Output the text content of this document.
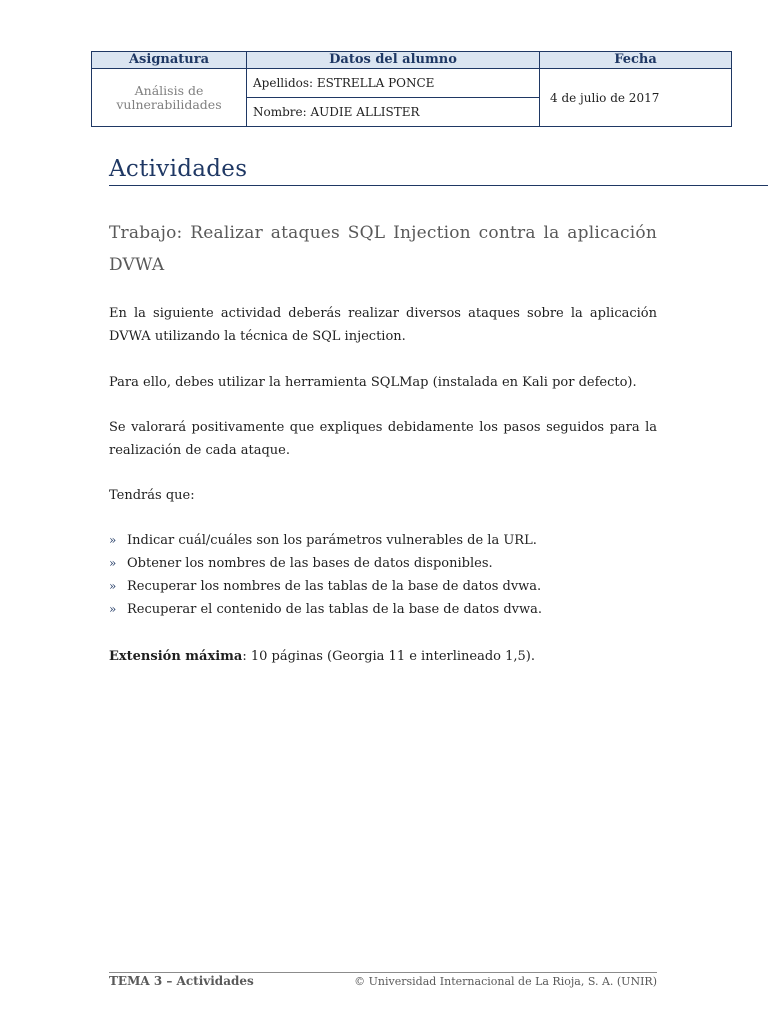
Asignatura	Datos del alumno	Fecha
Análisis de
vulnerabilidades	Apellidos: ESTRELLA PONCE	4 de julio de 2017
	Nombre: AUDIE ALLISTER	
Actividades
Trabajo: Realizar ataques SQL Injection contra la aplicación DVWA

En la siguiente actividad deberás realizar diversos ataques sobre la aplicación DVWA utilizando la técnica de SQL injection.

Para ello, debes utilizar la herramienta SQLMap (instalada en Kali por defecto).

Se valorará positivamente que expliques debidamente los pasos seguidos para la realización de cada ataque.

Tendrás que:

» Indicar cuál/cuáles son los parámetros vulnerables de la URL.
» Obtener los nombres de las bases de datos disponibles.
» Recuperar los nombres de las tablas de la base de datos dvwa.
» Recuperar el contenido de las tablas de la base de datos dvwa.

Extensión máxima: 10 páginas (Georgia 11 e interlineado 1,5).

TEMA 3 – Actividades	© Universidad Internacional de La Rioja, S. A. (UNIR)
